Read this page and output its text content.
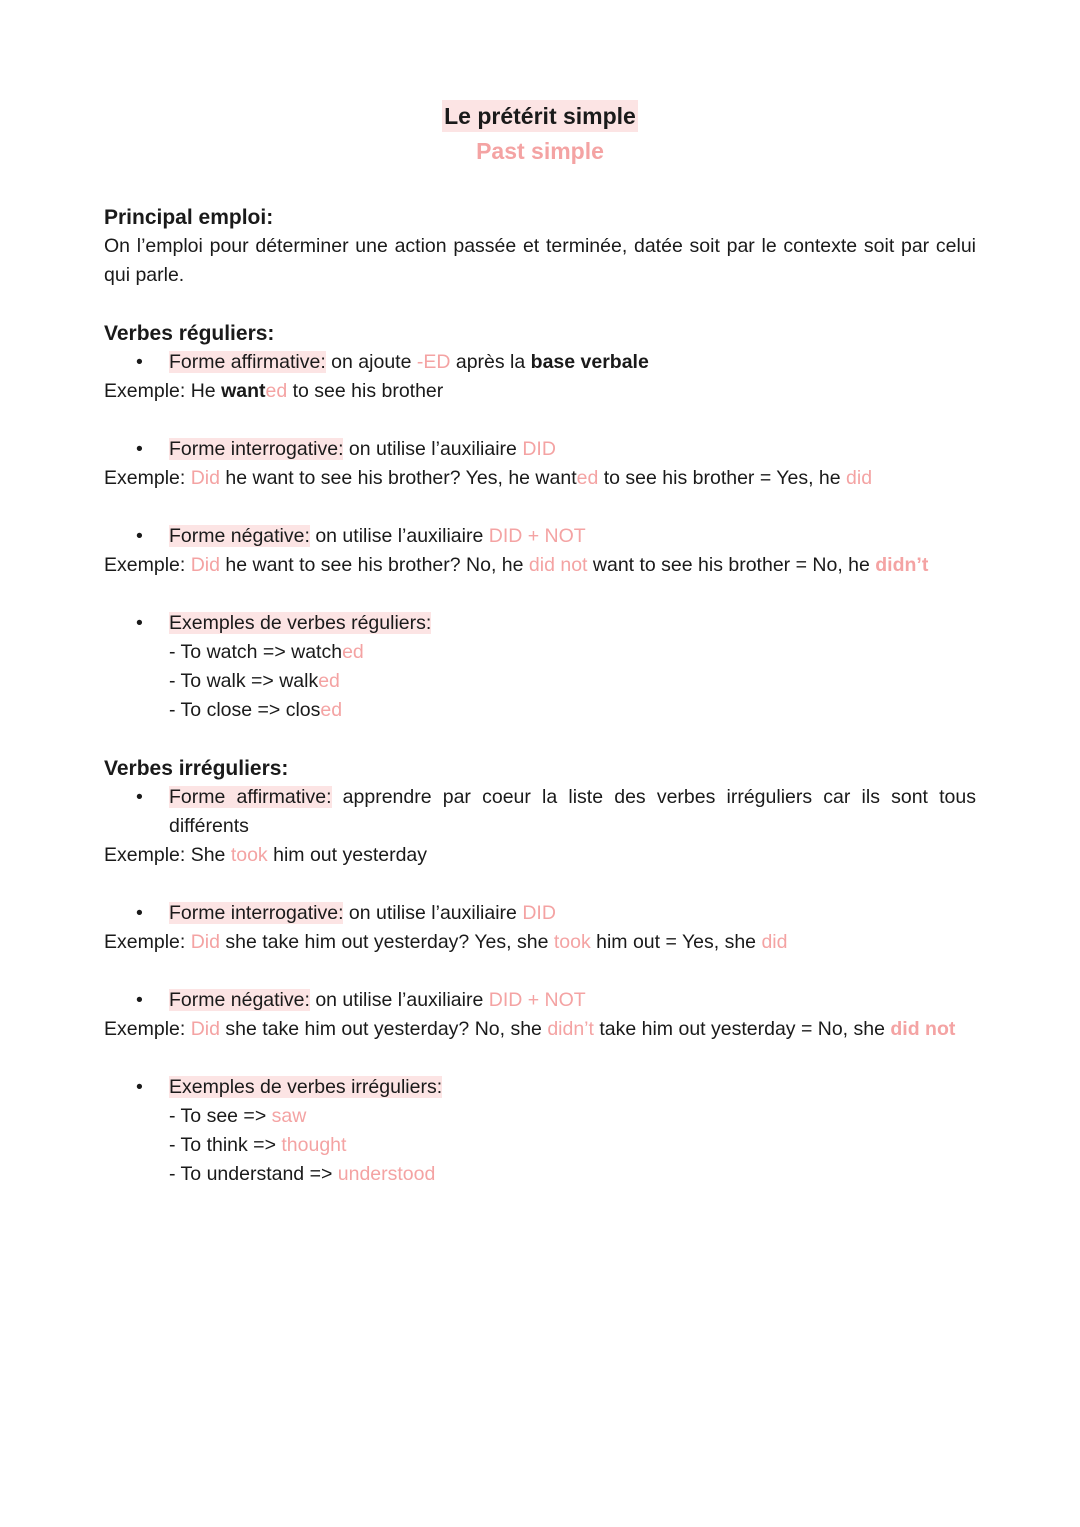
Le prétérit simple
Past simple
Principal emploi:
On l’emploi pour déterminer une action passée et terminée, datée soit par le contexte soit par celui qui parle.
Verbes réguliers:
• Forme affirmative: on ajoute -ED après la base verbale
Exemple: He wanted to see his brother
• Forme interrogative: on utilise l’auxiliaire DID
Exemple: Did he want to see his brother? Yes, he wanted to see his brother = Yes, he did
• Forme négative: on utilise l’auxiliaire DID + NOT
Exemple: Did he want to see his brother? No, he did not want to see his brother = No, he didn’t
• Exemples de verbes réguliers:
- To watch => watched
- To walk => walked
- To close => closed
Verbes irréguliers:
• Forme affirmative: apprendre par coeur la liste des verbes irréguliers car ils sont tous différents
Exemple: She took him out yesterday
• Forme interrogative: on utilise l’auxiliaire DID
Exemple: Did she take him out yesterday? Yes, she took him out = Yes, she did
• Forme négative: on utilise l’auxiliaire DID + NOT
Exemple: Did she take him out yesterday? No, she didn’t take him out yesterday = No, she did not
• Exemples de verbes irréguliers:
- To see => saw
- To think => thought
- To understand => understood
